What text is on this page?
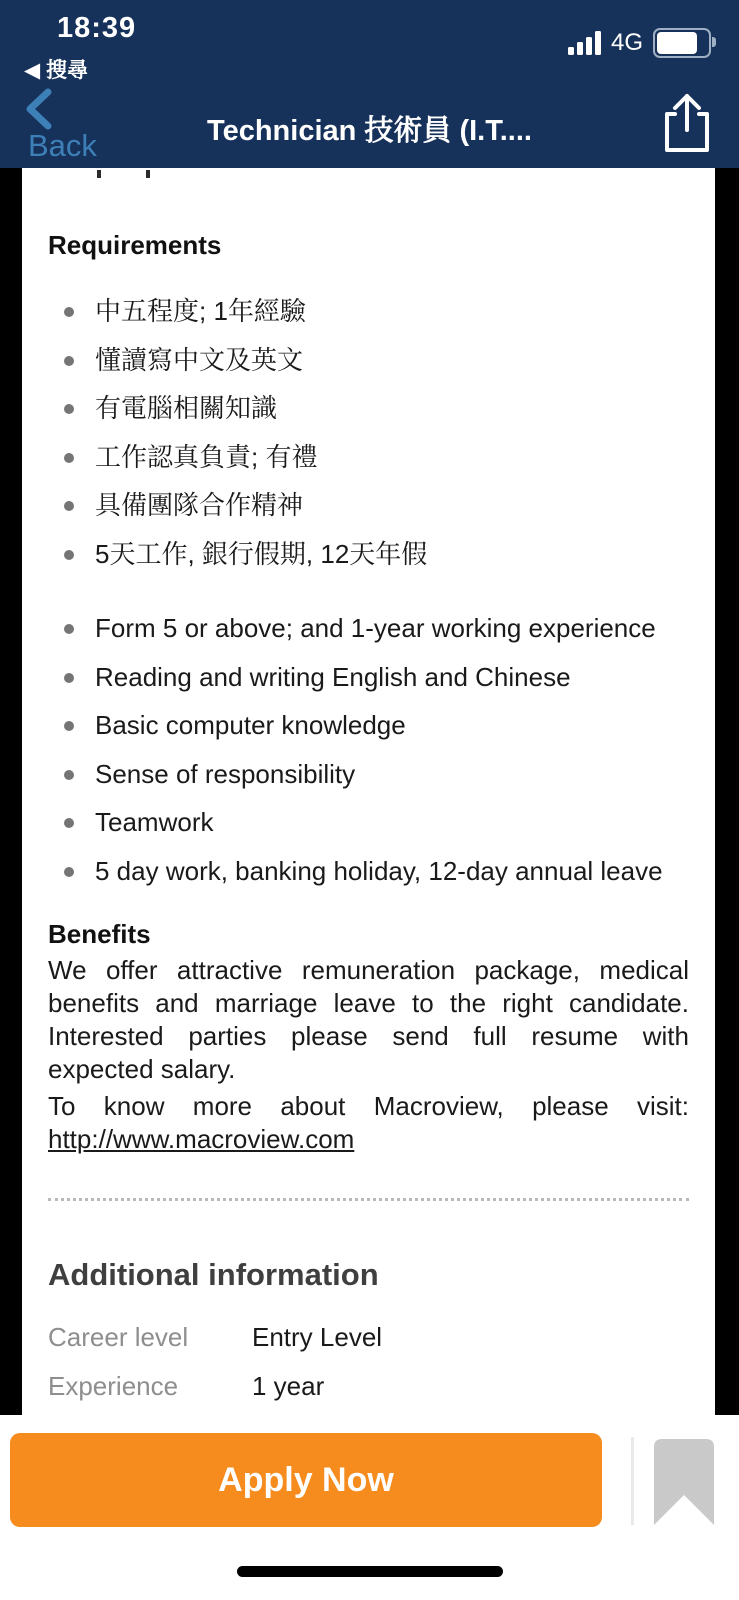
18:39
◀ 搜尋
4G
Back	Technician 技術員 (I.T....
Requirements
中五程度; 1年經驗
懂讀寫中文及英文
有電腦相關知識
工作認真負責; 有禮
具備團隊合作精神
5天工作, 銀行假期, 12天年假
Form 5 or above; and 1-year working experience
Reading and writing English and Chinese
Basic computer knowledge
Sense of responsibility
Teamwork
5 day work, banking holiday, 12-day annual leave
Benefits

We offer attractive remuneration package, medical benefits and marriage leave to the right candidate. Interested parties please send full resume with expected salary.

To know more about Macroview, please visit:

http://www.macroview.com
Additional information
Career level	Entry Level
Experience	1 year
Apply Now
